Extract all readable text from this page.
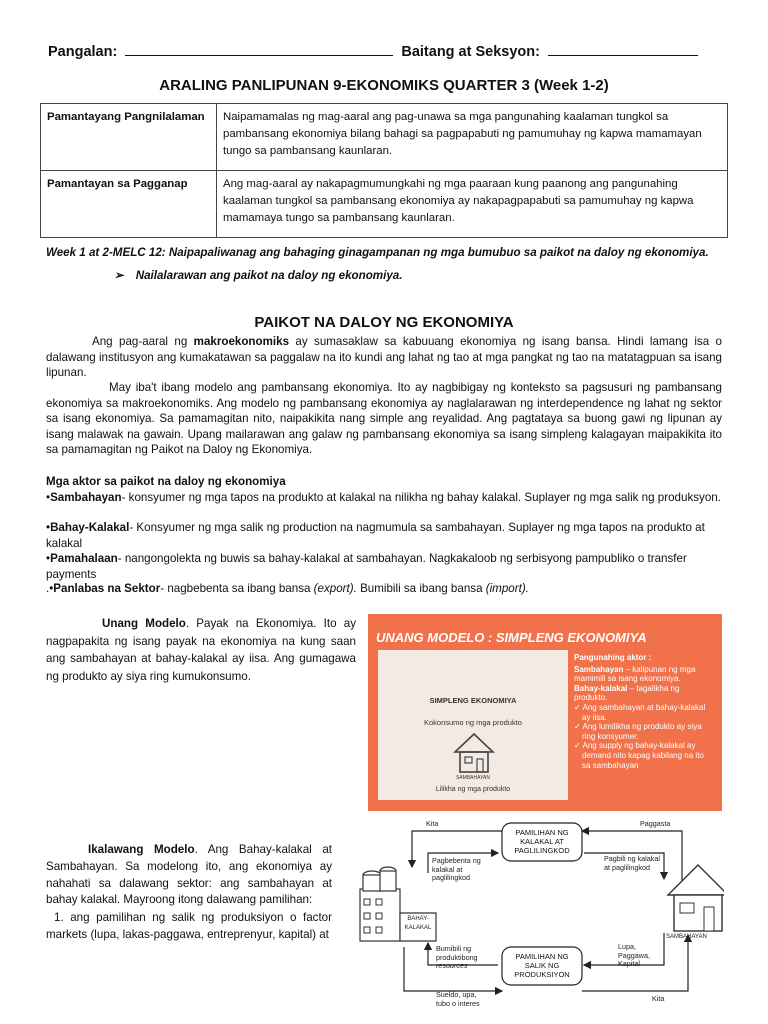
Pangalan:	Baitang at Seksyon:
ARALING PANLIPUNAN 9-EKONOMIKS QUARTER 3 (Week 1-2)
Pamantayang Pangnilalaman	Naipamamalas ng mag-aaral ang pag-unawa sa mga pangunahing kaalaman tungkol sa pambansang ekonomiya bilang bahagi sa pagpapabuti ng pamumuhay ng kapwa mamamayan tungo sa pambansang kaunlaran.
Pamantayan sa Pagganap	Ang mag-aaral ay nakapagmumungkahi ng mga paaraan kung paanong ang pangunahing kaalaman tungkol sa pambansang ekonomiya ay nakapagpapabuti sa pamumuhay ng kapwa mamamaya tungo sa pambansang kaunlaran.
Week 1 at 2-MELC 12: Naipapaliwanag ang bahaging ginagampanan ng mga bumubuo sa paikot na daloy ng ekonomiya.
➢ Nailalarawan ang paikot na daloy ng ekonomiya.
PAIKOT NA DALOY NG EKONOMIYA
Ang pag-aaral ng makroekonomiks ay sumasaklaw sa kabuuang ekonomiya ng isang bansa. Hindi lamang isa o dalawang institusyon ang kumakatawan sa paggalaw na ito kundi ang lahat ng tao at mga pangkat ng tao na matatagpuan sa isang lipunan.
May iba't ibang modelo ang pambansang ekonomiya. Ito ay nagbibigay ng konteksto sa pagsusuri ng pambansang ekonomiya sa makroekonomiks. Ang modelo ng pambansang ekonomiya ay naglalarawan ng interdependence ng lahat ng sektor sa isang ekonomiya. Sa pamamagitan nito, naipakikita nang simple ang reyalidad. Ang pagtataya sa buong gawi ng lipunan ay isang malawak na gawain. Upang mailarawan ang galaw ng pambansang ekonomiya sa isang simpleng kalagayan maipakikita ito sa pamamagitan ng Paikot na Daloy ng Ekonomiya.
Mga aktor sa paikot na daloy ng ekonomiya
•Sambahayan- konsyumer ng mga tapos na produkto at kalakal na nilikha ng bahay kalakal. Suplayer ng mga salik ng produksyon.
•Bahay-Kalakal- Konsyumer ng mga salik ng production na nagmumula sa sambahayan. Suplayer ng mga tapos na produkto at kalakal
•Pamahalaan- nangongolekta ng buwis sa bahay-kalakal at sambahayan. Nagkakaloob ng serbisyong pampubliko o transfer payments
.•Panlabas na Sektor- nagbebenta sa ibang bansa (export). Bumibili sa ibang bansa (import).
Unang Modelo. Payak na Ekonomiya. Ito ay nagpapakita ng isang payak na ekonomiya na kung saan ang sambahayan at bahay-kalakal ay iisa. Ang gumagawa ng produkto ay siya ring kumukonsumo.
UNANG MODELO : SIMPLENG EKONOMIYA
SIMPLENG EKONOMIYA
Kokonsumo ng mga produkto
SAMBAHAYAN
Lilikha ng mga produkto
Pangunahing aktor :
Sambahayan – kalipunan ng mga mamimili sa isang ekonomiya.
Bahay-kalakal – tagalikha ng produkto.
✓ Ang sambahayan at bahay-kalakal ay iisa.
✓ Ang lumilikha ng produkto ay siya ring konsyumer.
✓ Ang supply ng bahay-kalakal ay demand nito kapag kabilang na ito sa sambahayan
Ikalawang Modelo. Ang Bahay-kalakal at Sambahayan. Sa modelong ito, ang ekonomiya ay nahahati sa dalawang sektor: ang sambahayan at bahay kalakal. Mayroong itong dalawang pamilihan:
1. ang pamilihan ng salik ng produksiyon o factor markets (lupa, lakas-paggawa, entreprenyur, kapital) at
Kita	Paggasta
PAMILIHAN NG KALAKAL AT PAGLILINGKOD
Pagbebenta ng kalakal at paglilingkod
Pagbili ng kalakal at paglilingkod
BAHAY-KALAKAL
SAMBAHAYAN
Bumibili ng produktibong
resources
PAMILIHAN NG SALIK NG PRODUKSIYON
Lupa, Paggawa, Kapital
Sueldo, upa,
tubo o interes	Kita
